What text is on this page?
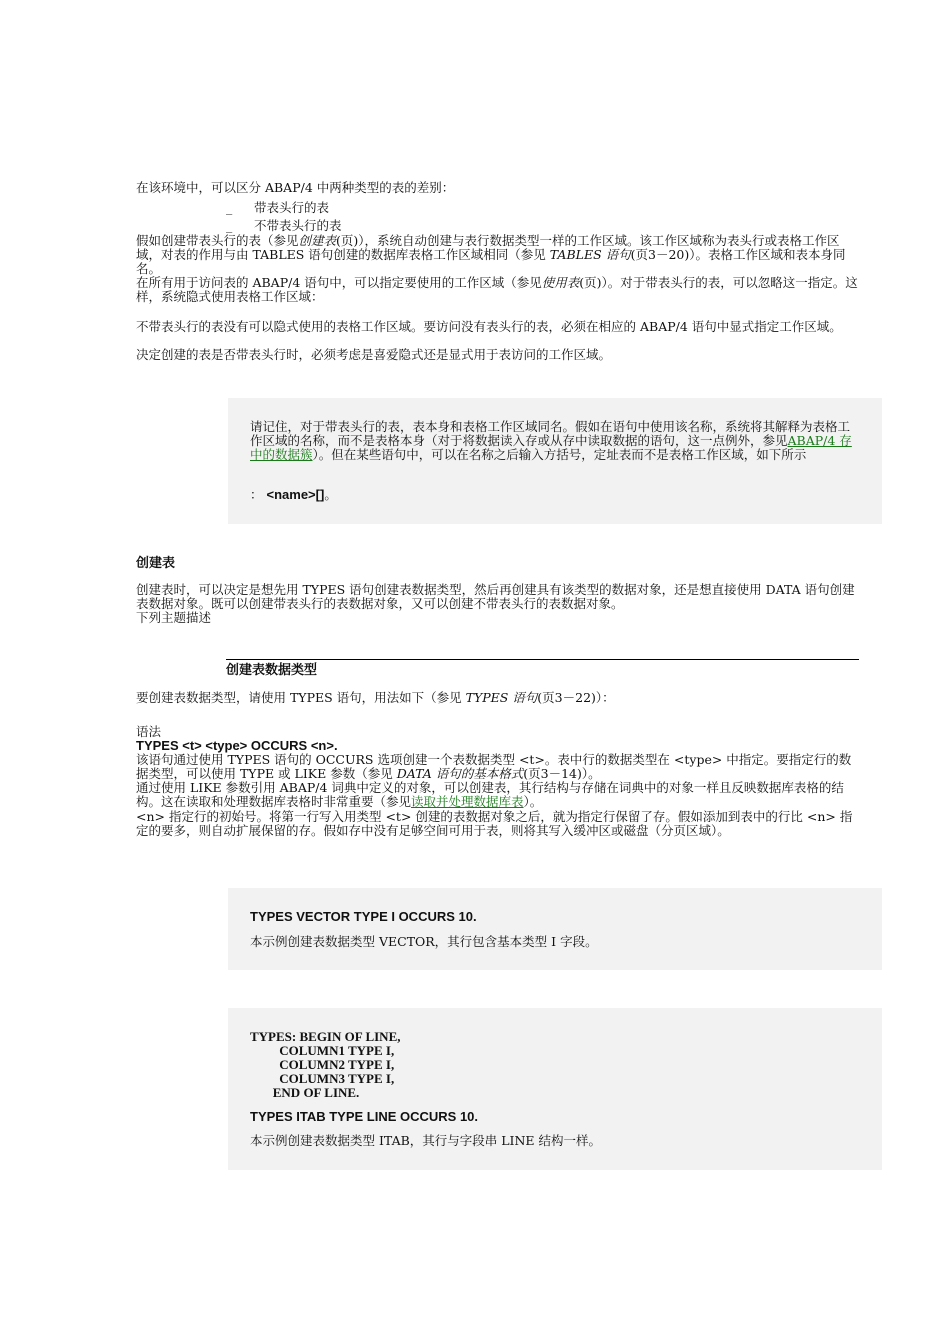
在该环境中，可以区分 ABAP/4 中两种类型的表的差别：

_ 带表头行的表

_ 不带表头行的表

假如创建带表头行的表（参见创建表(页)），系统自动创建与表行数据类型一样的工作区域。该工作区域称为表头行或表格工作区域，对表的作用与由 TABLES 语句创建的数据库表格工作区域相同（参见 TABLES 语句(页3－20)）。表格工作区域和表本身同名。

在所有用于访问表的 ABAP/4 语句中，可以指定要使用的工作区域（参见使用表(页)）。对于带表头行的表，可以忽略这一指定。这样，系统隐式使用表格工作区域：

不带表头行的表没有可以隐式使用的表格工作区域。要访问没有表头行的表，必须在相应的 ABAP/4 语句中显式指定工作区域。

决定创建的表是否带表头行时，必须考虑是喜爱隐式还是显式用于表访问的工作区域。

请记住，对于带表头行的表，表本身和表格工作区域同名。假如在语句中使用该名称，系统将其解释为表格工作区域的名称，而不是表格本身（对于将数据读入存或从存中读取数据的语句，这一点例外，参见ABAP/4 存中的数据簇）。但在某些语句中，可以在名称之后输入方括号，定址表而不是表格工作区域，如下所示

： <name>[]。

创建表

创建表时，可以决定是想先用 TYPES 语句创建表数据类型，然后再创建具有该类型的数据对象，还是想直接使用 DATA 语句创建表数据对象。既可以创建带表头行的表数据对象，又可以创建不带表头行的表数据对象。

下列主题描述

创建表数据类型

要创建表数据类型，请使用 TYPES 语句，用法如下（参见 TYPES 语句(页3－22)）：

语法

TYPES <t> <type> OCCURS <n>.

该语句通过使用 TYPES 语句的 OCCURS 选项创建一个表数据类型 <t>。表中行的数据类型在 <type> 中指定。要指定行的数据类型，可以使用 TYPE 或 LIKE 参数（参见 DATA 语句的基本格式(页3－14)）。

通过使用 LIKE 参数引用 ABAP/4 词典中定义的对象，可以创建表，其行结构与存储在词典中的对象一样且反映数据库表格的结构。这在读取和处理数据库表格时非常重要（参见读取并处理数据库表）。

<n> 指定行的初始号。将第一行写入用类型 <t> 创建的表数据对象之后，就为指定行保留了存。假如添加到表中的行比 <n> 指定的要多，则自动扩展保留的存。假如存中没有足够空间可用于表，则将其写入缓冲区或磁盘（分页区域）。

TYPES VECTOR TYPE I OCCURS 10.

本示例创建表数据类型 VECTOR，其行包含基本类型 I 字段。

TYPES: BEGIN OF LINE,

COLUMN1 TYPE I,

COLUMN2 TYPE I,

COLUMN3 TYPE I,

END OF LINE.

TYPES ITAB TYPE LINE OCCURS 10.

本示例创建表数据类型 ITAB，其行与字段串 LINE 结构一样。
